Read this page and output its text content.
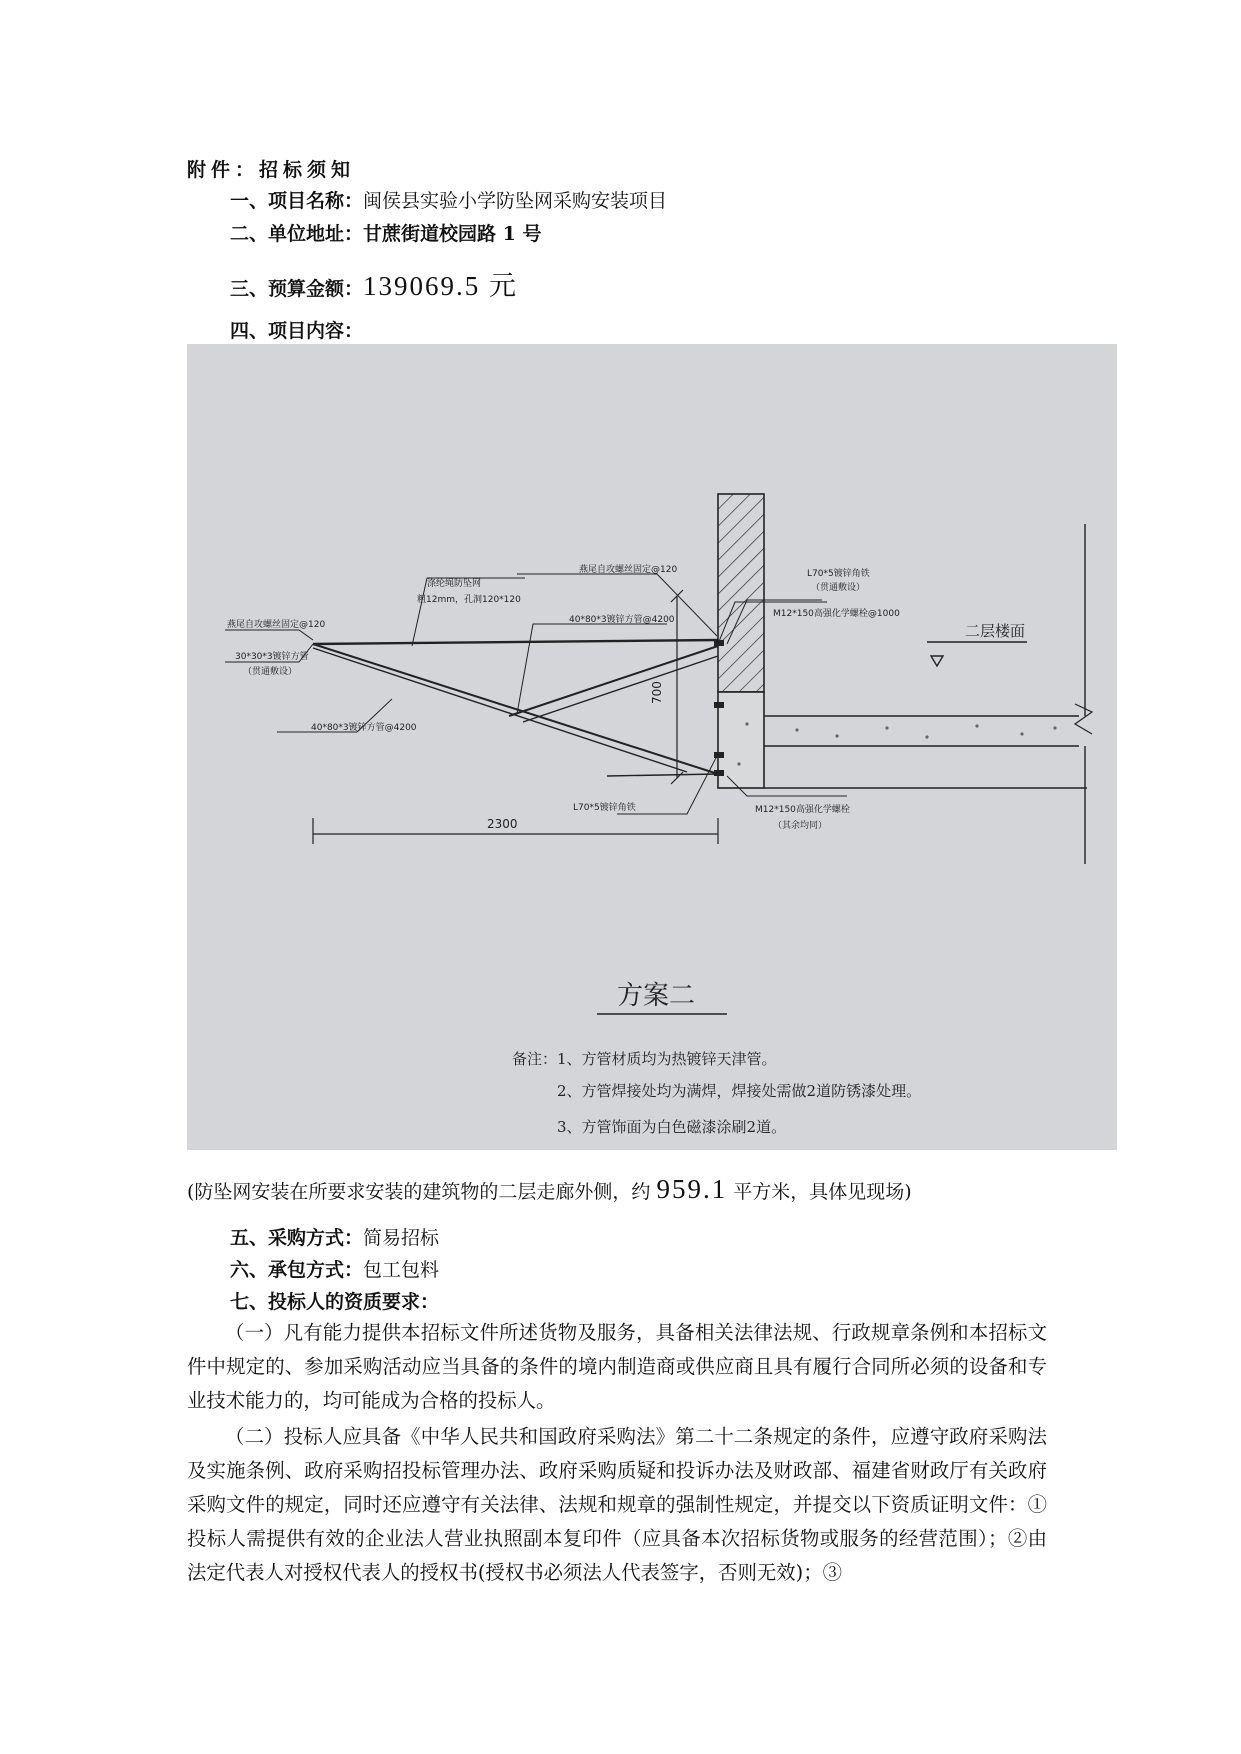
附件：招标须知
一、项目名称：闽侯县实验小学防坠网采购安装项目
二、单位地址：甘蔗街道校园路 1 号
三、预算金额：139069.5 元
四、项目内容：
二层楼面
700
2300
涤纶绳防坠网
粗12mm，孔洞120*120
燕尾自攻螺丝固定@120
燕尾自攻螺丝固定@120
30*30*3镀锌方管
（贯通敷设）
40*80*3镀锌方管@4200
40*80*3镀锌方管@4200
L70*5镀锌角铁
（贯通敷设）
M12*150高强化学螺栓@1000
L70*5镀锌角铁	M12*150高强化学螺栓
（其余均同）
方案二
备注：1、方管材质均为热镀锌天津管。
2、方管焊接处均为满焊，焊接处需做2道防锈漆处理。
3、方管饰面为白色磁漆涂刷2道。
(防坠网安装在所要求安装的建筑物的二层走廊外侧，约 959.1 平方米，具体见现场)
五、采购方式：简易招标
六、承包方式：包工包料
七、投标人的资质要求：
（一）凡有能力提供本招标文件所述货物及服务，具备相关法律法规、行政规章条例和本招标文件中规定的、参加采购活动应当具备的条件的境内制造商或供应商且具有履行合同所必须的设备和专业技术能力的，均可能成为合格的投标人。
（二）投标人应具备《中华人民共和国政府采购法》第二十二条规定的条件，应遵守政府采购法及实施条例、政府采购招投标管理办法、政府采购质疑和投诉办法及财政部、福建省财政厅有关政府采购文件的规定，同时还应遵守有关法律、法规和规章的强制性规定，并提交以下资质证明文件：①投标人需提供有效的企业法人营业执照副本复印件（应具备本次招标货物或服务的经营范围）；②由法定代表人对授权代表人的授权书(授权书必须法人代表签字，否则无效)；③
